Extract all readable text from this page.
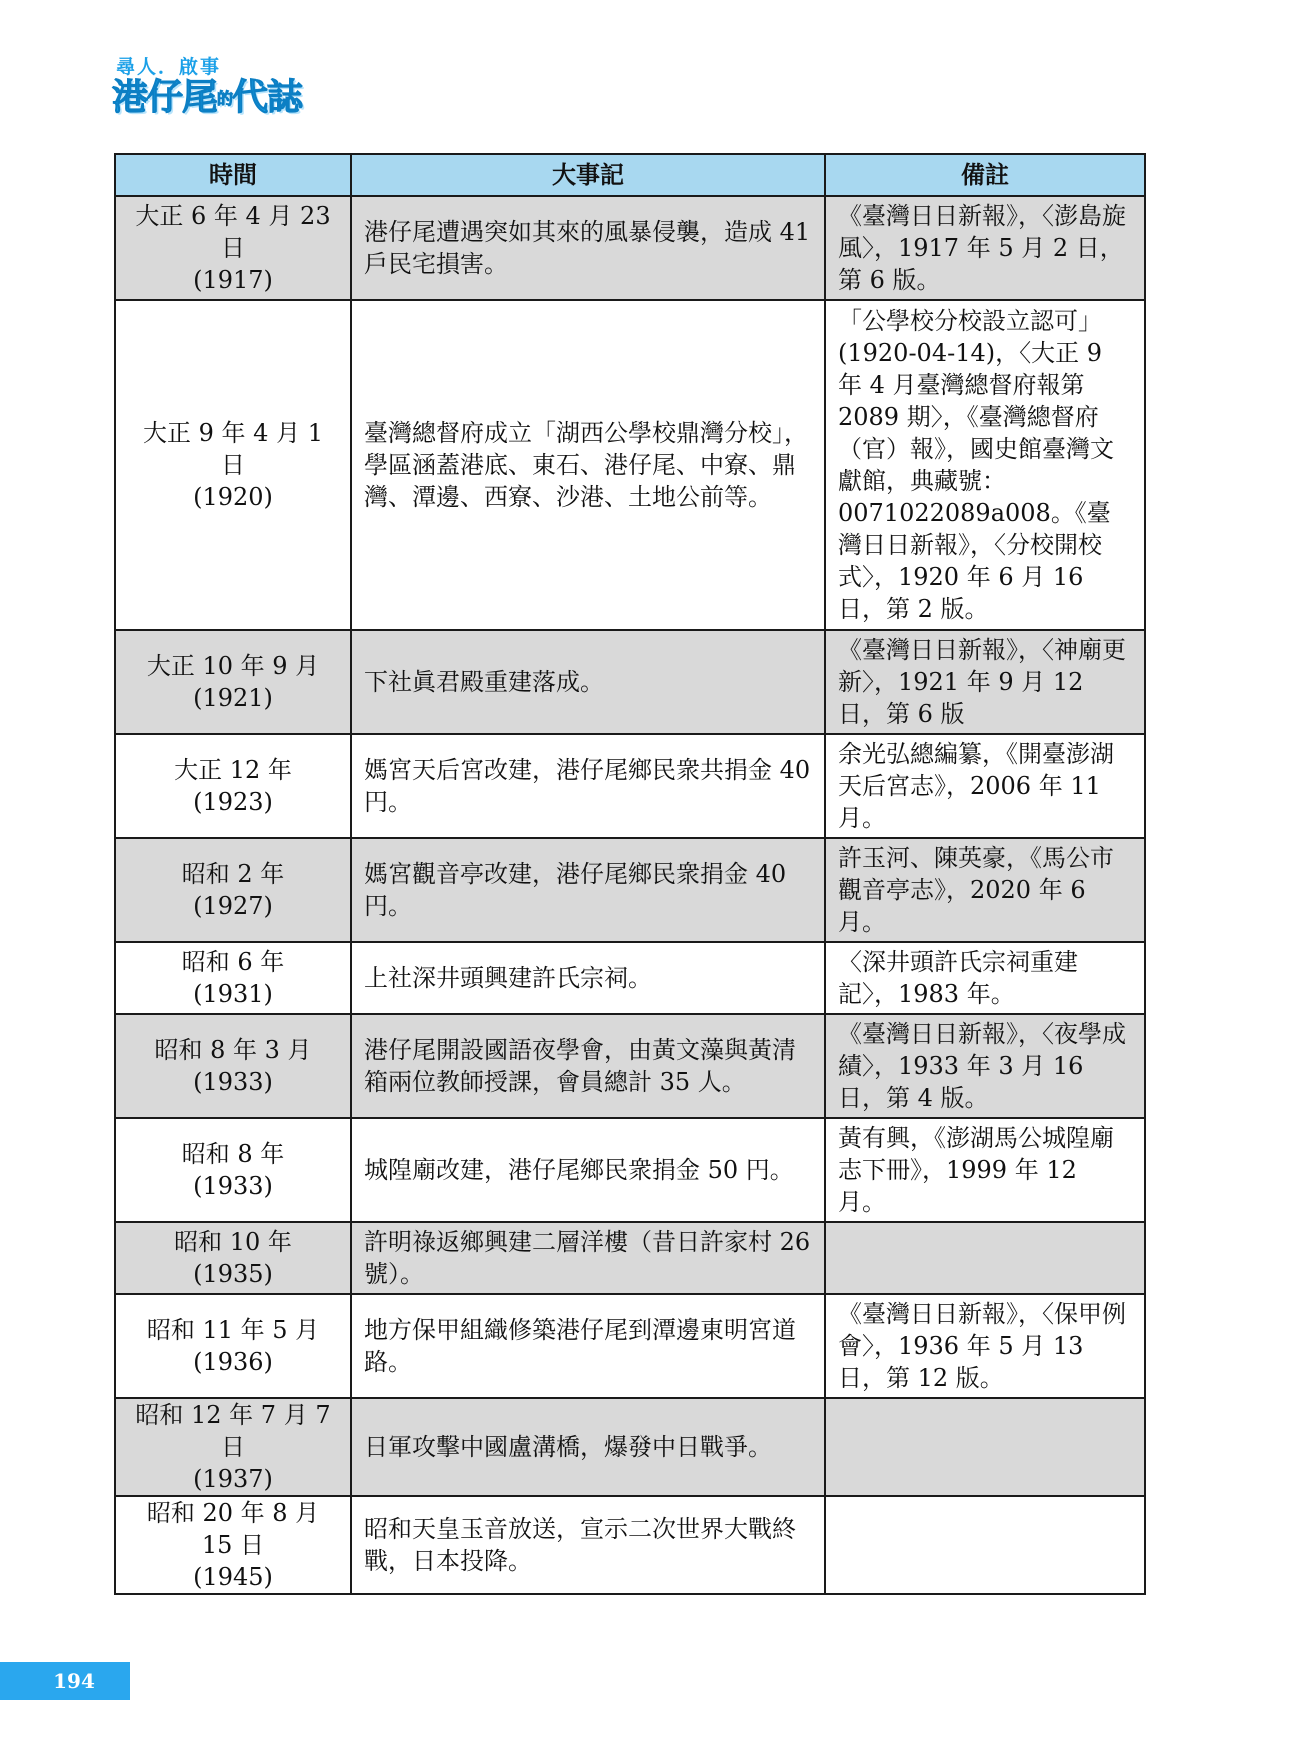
尋人．啟事
港仔尾的代誌
時間	大事記	備註

大正 6 年 4 月 23 日
(1917)	港仔尾遭遇突如其來的風暴侵襲，造成 41 戶民宅損害。	《臺灣日日新報》，〈澎島旋風〉，1917 年 5 月 2 日，第 6 版。

大正 9 年 4 月 1 日
(1920)	臺灣總督府成立「湖西公學校鼎灣分校」，學區涵蓋港底、東石、港仔尾、中寮、鼎灣、潭邊、西寮、沙港、土地公前等。	「公學校分校設立認可」(1920-04-14)，〈大正 9 年 4 月臺灣總督府報第 2089 期〉，《臺灣總督府（官）報》，國史館臺灣文獻館，典藏號：0071022089a008。《臺灣日日新報》，〈分校開校式〉，1920 年 6 月 16 日，第 2 版。

大正 10 年 9 月
(1921)	下社眞君殿重建落成。	《臺灣日日新報》，〈神廟更新〉，1921 年 9 月 12 日，第 6 版

大正 12 年
(1923)	媽宮天后宮改建，港仔尾鄉民衆共捐金 40 円。	余光弘總編纂，《開臺澎湖天后宮志》，2006 年 11 月。

昭和 2 年
(1927)	媽宮觀音亭改建，港仔尾鄉民衆捐金 40 円。	許玉河、陳英豪，《馬公市觀音亭志》，2020 年 6 月。

昭和 6 年
(1931)	上社深井頭興建許氏宗祠。	〈深井頭許氏宗祠重建記〉，1983 年。

昭和 8 年 3 月
(1933)	港仔尾開設國語夜學會，由黃文藻與黃清箱兩位教師授課，會員總計 35 人。	《臺灣日日新報》，〈夜學成績〉，1933 年 3 月 16 日，第 4 版。

昭和 8 年
(1933)	城隍廟改建，港仔尾鄉民衆捐金 50 円。	黃有興，《澎湖馬公城隍廟志下冊》，1999 年 12 月。

昭和 10 年
(1935)	許明祿返鄉興建二層洋樓（昔日許家村 26 號）。	

昭和 11 年 5 月
(1936)	地方保甲組織修築港仔尾到潭邊東明宮道路。	《臺灣日日新報》，〈保甲例會〉，1936 年 5 月 13 日，第 12 版。

昭和 12 年 7 月 7 日
(1937)	日軍攻擊中國盧溝橋，爆發中日戰爭。	

昭和 20 年 8 月 15 日
(1945)	昭和天皇玉音放送，宣示二次世界大戰終戰，日本投降。	
194
